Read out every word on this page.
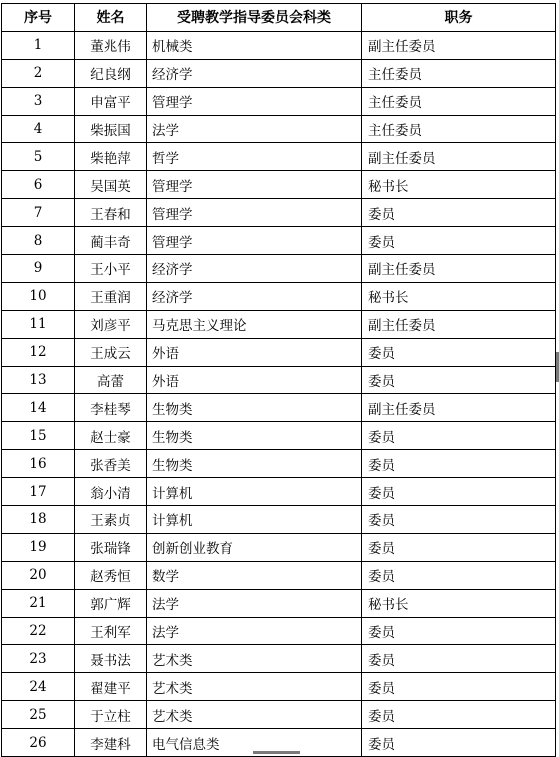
序号	姓名	受聘教学指导委员会科类	职务
1	董兆伟	机械类	副主任委员
2	纪良纲	经济学	主任委员
3	申富平	管理学	主任委员
4	柴振国	法学	主任委员
5	柴艳萍	哲学	副主任委员
6	吴国英	管理学	秘书长
7	王春和	管理学	委员
8	蔺丰奇	管理学	委员
9	王小平	经济学	副主任委员
10	王重润	经济学	秘书长
11	刘彦平	马克思主义理论	副主任委员
12	王成云	外语	委员
13	高蕾	外语	委员
14	李桂琴	生物类	副主任委员
15	赵士豪	生物类	委员
16	张香美	生物类	委员
17	翁小清	计算机	委员
18	王素贞	计算机	委员
19	张瑞锋	创新创业教育	委员
20	赵秀恒	数学	委员
21	郭广辉	法学	秘书长
22	王利军	法学	委员
23	聂书法	艺术类	委员
24	翟建平	艺术类	委员
25	于立柱	艺术类	委员
26	李建科	电气信息类	委员
